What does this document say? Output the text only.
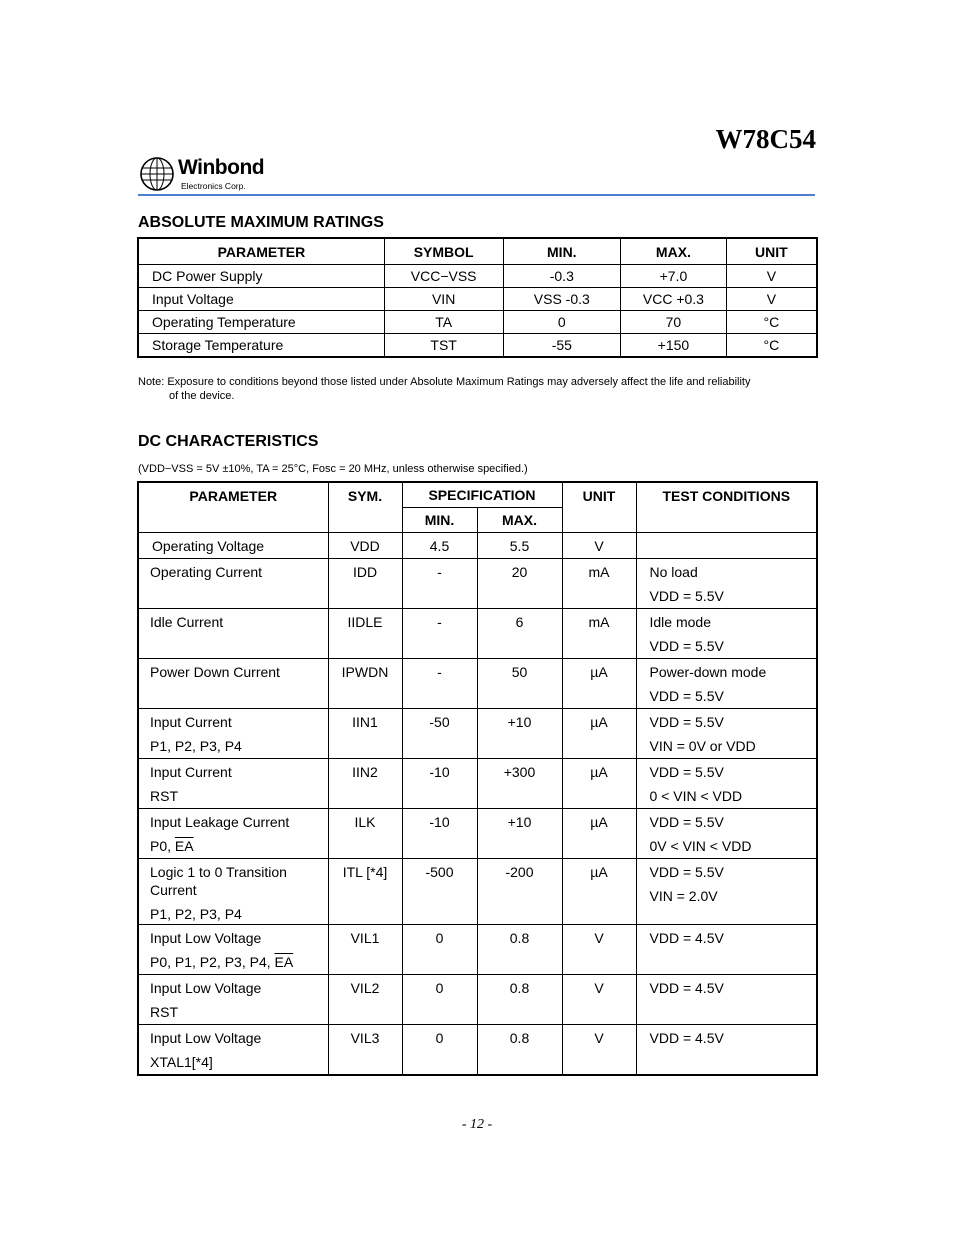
W78C54
Winbond
Electronics Corp.
ABSOLUTE MAXIMUM RATINGS
PARAMETER	SYMBOL	MIN.	MAX.	UNIT
DC Power Supply	VCC−VSS	-0.3	+7.0	V
Input Voltage	VIN	VSS -0.3	VCC +0.3	V
Operating Temperature	TA	0	70	°C
Storage Temperature	TST	-55	+150	°C
Note: Exposure to conditions beyond those listed under Absolute Maximum Ratings may adversely affect the life and reliability
of the device.
DC CHARACTERISTICS
(VDD−VSS = 5V ±10%, TA = 25°C, Fosc = 20 MHz, unless otherwise specified.)
PARAMETER	SYM.	SPECIFICATION		UNIT	TEST CONDITIONS
		MIN.	MAX.		

Operating Voltage	VDD	4.5	5.5	V	

Operating Current	IDD	-	20	mA	No load
VDD = 5.5V

Idle Current	IIDLE	-	6	mA	Idle mode
VDD = 5.5V

Power Down Current	IPWDN	-	50	µA	Power-down mode
VDD = 5.5V

Input Current
P1, P2, P3, P4	IIN1	-50	+10	µA	VDD = 5.5V
VIN = 0V or VDD

Input Current
RST	IIN2	-10	+300	µA	VDD = 5.5V
0 < VIN < VDD

Input Leakage Current
P0, $\overline{EA}$	ILK	-10	+10	µA	VDD = 5.5V
0V < VIN < VDD

Logic 1 to 0 Transition
Current
P1, P2, P3, P4	ITL [*4]	-500	-200	µA	VDD = 5.5V
VIN = 2.0V

Input Low Voltage
P0, P1, P2, P3, P4, $\overline{EA}$	VIL1	0	0.8	V	VDD = 4.5V

Input Low Voltage
RST	VIL2	0	0.8	V	VDD = 4.5V

Input Low Voltage
XTAL1[*4]	VIL3	0	0.8	V	VDD = 4.5V
- 12 -
